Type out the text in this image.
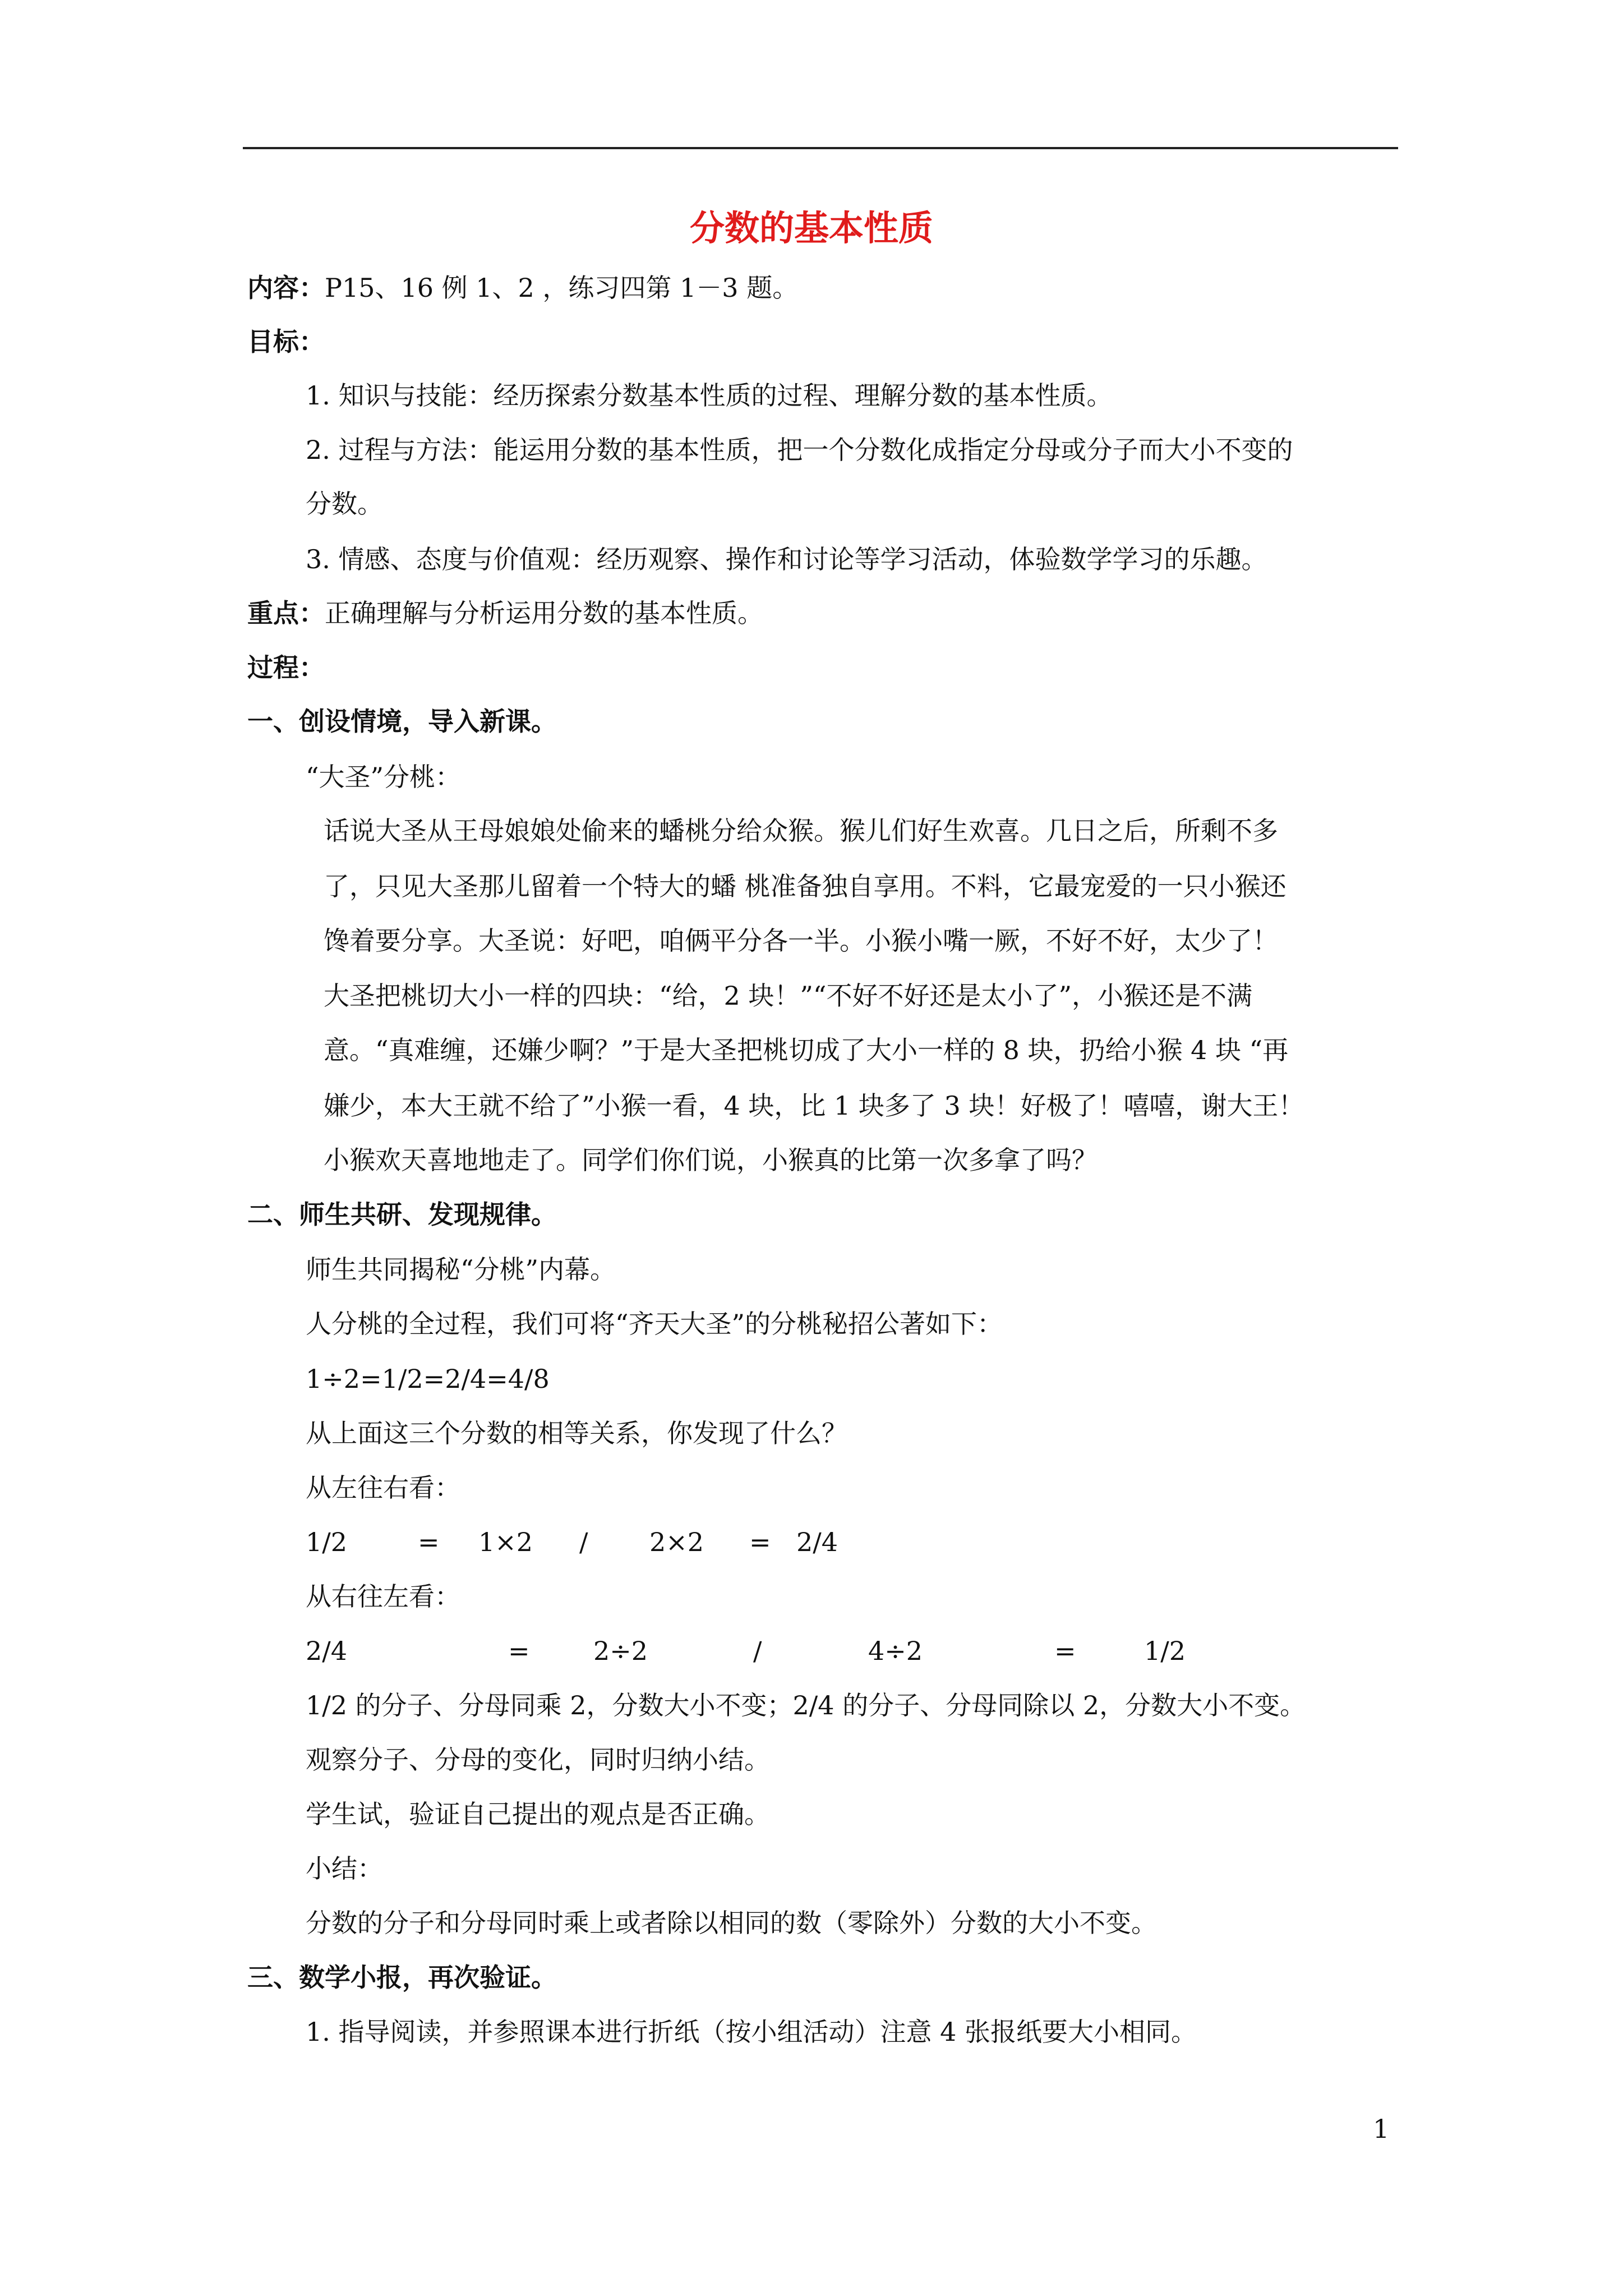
分数的基本性质
内容：P15、16 例 1、2 ，练习四第 1－3 题。
目标：
1. 知识与技能：经历探索分数基本性质的过程、理解分数的基本性质。
2. 过程与方法：能运用分数的基本性质，把一个分数化成指定分母或分子而大小不变的
分数。
3. 情感、态度与价值观：经历观察、操作和讨论等学习活动，体验数学学习的乐趣。
重点：正确理解与分析运用分数的基本性质。
过程：
一、创设情境，导入新课。
“大圣”分桃：
话说大圣从王母娘娘处偷来的蟠桃分给众猴。猴儿们好生欢喜。几日之后，所剩不多
了，只见大圣那儿留着一个特大的蟠 桃准备独自享用。不料，它最宠爱的一只小猴还
馋着要分享。大圣说：好吧，咱俩平分各一半。小猴小嘴一厥，不好不好，太少了！
大圣把桃切大小一样的四块：“给，2 块！”“不好不好还是太小了”，小猴还是不满
意。“真难缠，还嫌少啊？”于是大圣把桃切成了大小一样的 8 块，扔给小猴 4 块 “再
嫌少，本大王就不给了”小猴一看，4 块，比 1 块多了 3 块！好极了！嘻嘻，谢大王！
小猴欢天喜地地走了。同学们你们说，小猴真的比第一次多拿了吗？
二、师生共研、发现规律。
师生共同揭秘“分桃”内幕。
人分桃的全过程，我们可将“齐天大圣”的分桃秘招公著如下：
1÷2=1/2=2/4=4/8
从上面这三个分数的相等关系，你发现了什么？
从左往右看：
1/2	= 1×2 / 2×2 = 2/4
从右往左看：
2/4	= 2÷2	/	4÷2	=	1/2
1/2 的分子、分母同乘 2，分数大小不变；2/4 的分子、分母同除以 2，分数大小不变。
观察分子、分母的变化，同时归纳小结。
学生试，验证自己提出的观点是否正确。
小结：
分数的分子和分母同时乘上或者除以相同的数（零除外）分数的大小不变。
三、数学小报，再次验证。
1. 指导阅读，并参照课本进行折纸（按小组活动）注意 4 张报纸要大小相同。
1
